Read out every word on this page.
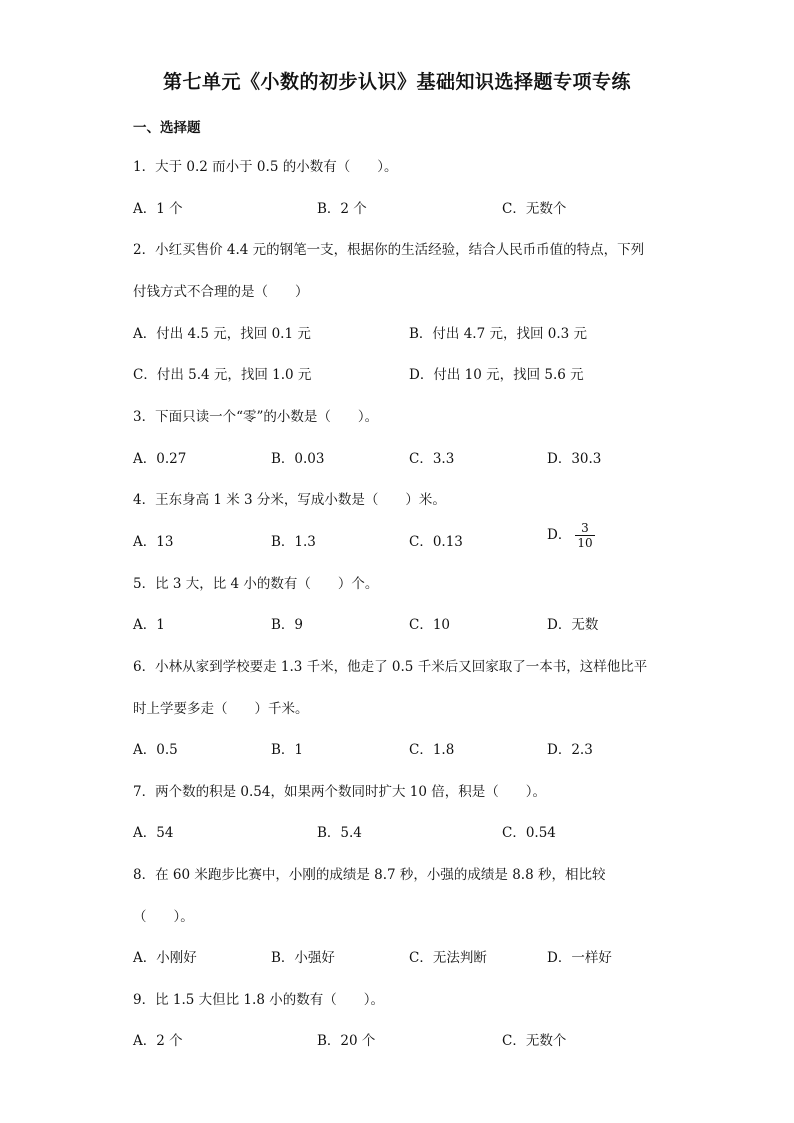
第七单元《小数的初步认识》基础知识选择题专项专练
一、选择题
1．大于 0.2 而小于 0.5 的小数有（　　）。
A．1 个	B．2 个	C．无数个
2．小红买售价 4.4 元的钢笔一支，根据你的生活经验，结合人民币币值的特点，下列
付钱方式不合理的是（　　）
A．付出 4.5 元，找回 0.1 元	B．付出 4.7 元，找回 0.3 元
C．付出 5.4 元，找回 1.0 元	D．付出 10 元，找回 5.6 元
3．下面只读一个“零”的小数是（　　）。
A．0.27	B．0.03	C．3.3	D．30.3
4．王东身高 1 米 3 分米，写成小数是（　　）米。
A．13	B．1.3	C．0.13	D． $\frac{3}{10}$
5．比 3 大，比 4 小的数有（　　）个。
A．1	B．9	C．10	D．无数
6．小林从家到学校要走 1.3 千米，他走了 0.5 千米后又回家取了一本书，这样他比平
时上学要多走（　　）千米。
A．0.5	B．1	C．1.8	D．2.3
7．两个数的积是 0.54，如果两个数同时扩大 10 倍，积是（　　）。
A．54	B．5.4	C．0.54
8．在 60 米跑步比赛中，小刚的成绩是 8.7 秒，小强的成绩是 8.8 秒，相比较
（　　）。
A．小刚好	B．小强好	C．无法判断	D．一样好
9．比 1.5 大但比 1.8 小的数有（　　）。
A．2 个	B．20 个	C．无数个
